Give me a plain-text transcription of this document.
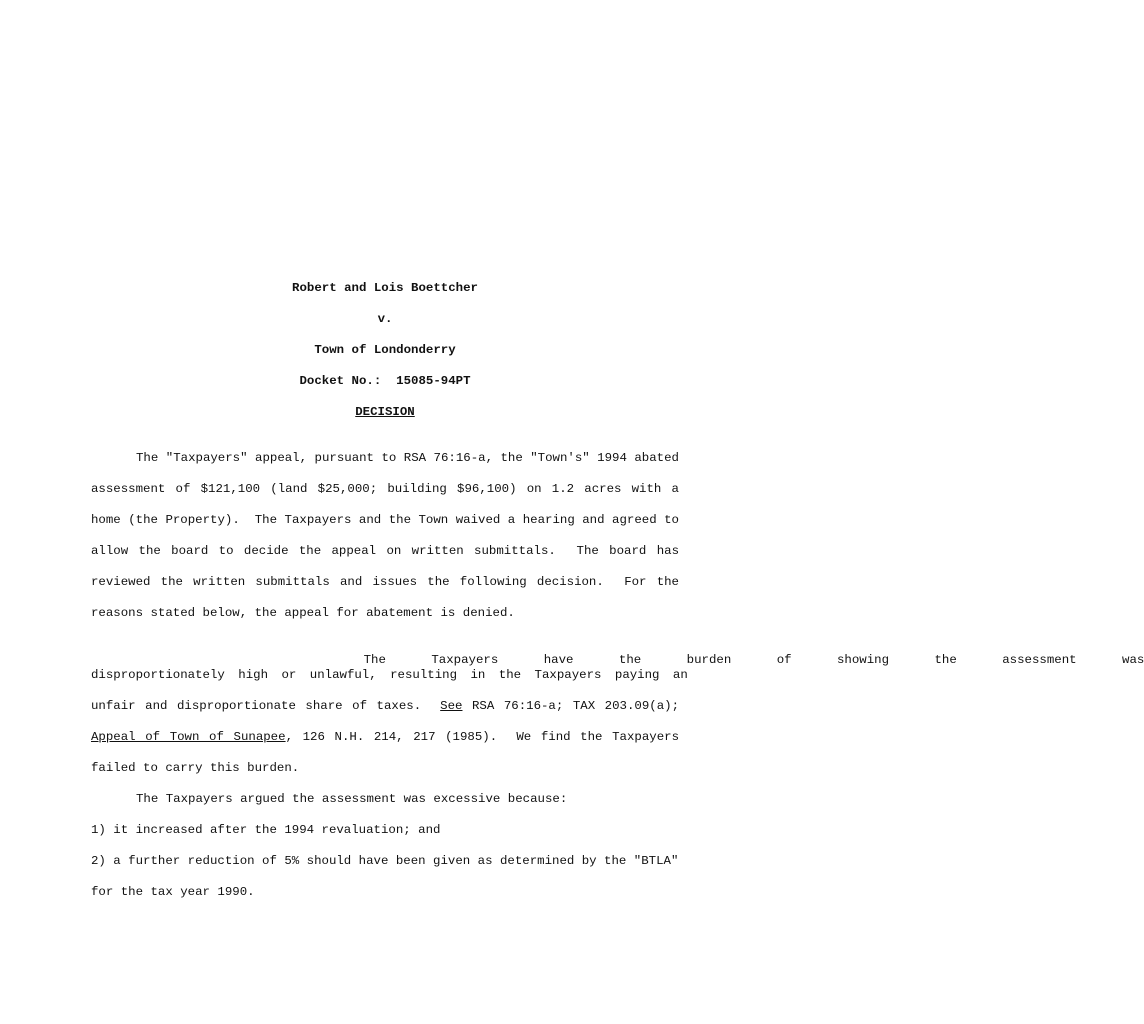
Robert and Lois Boettcher
v.
Town of Londonderry
Docket No.:  15085-94PT
DECISION
The "Taxpayers" appeal, pursuant to RSA 76:16-a, the "Town's" 1994 abated
assessment of $121,100 (land $25,000; building $96,100) on 1.2 acres with a
home (the Property).  The Taxpayers and the Town waived a hearing and agreed to
allow the board to decide the appeal on written submittals.  The board has
reviewed the written submittals and issues the following decision.  For the
reasons stated below, the appeal for abatement is denied.

The Taxpayers have the burden of showing the assessment was

disproportionately high or unlawful, resulting in the Taxpayers paying an
unfair and disproportionate share of taxes.  See RSA 76:16-a; TAX 203.09(a);
Appeal of Town of Sunapee, 126 N.H. 214, 217 (1985).  We find the Taxpayers
failed to carry this burden.
The Taxpayers argued the assessment was excessive because:
1) it increased after the 1994 revaluation; and
2) a further reduction of 5% should have been given as determined by the "BTLA"
for the tax year 1990.
